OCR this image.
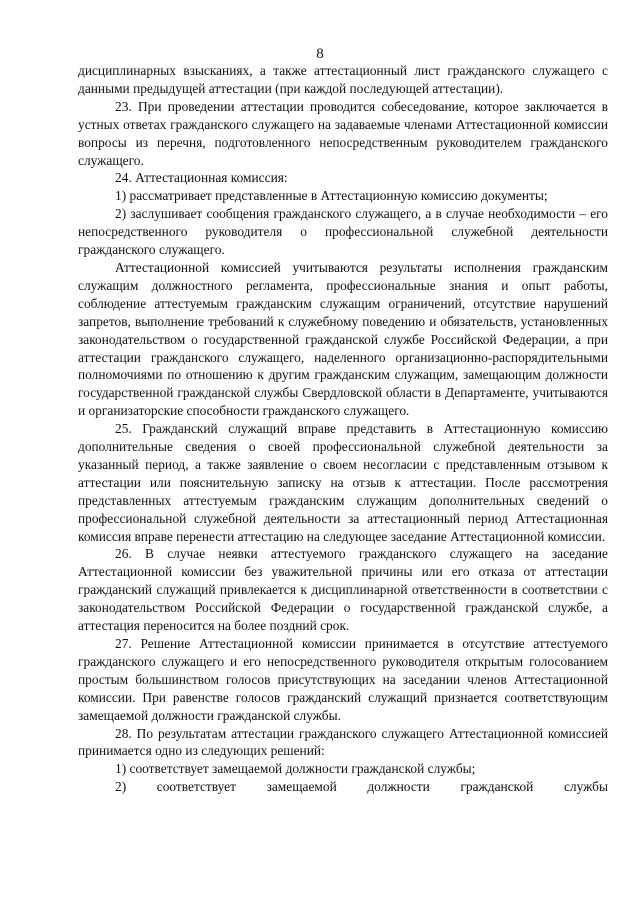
8

дисциплинарных взысканиях, а также аттестационный лист гражданского служащего с данными предыдущей аттестации (при каждой последующей аттестации).

23. При проведении аттестации проводится собеседование, которое заключается в устных ответах гражданского служащего на задаваемые членами Аттестационной комиссии вопросы из перечня, подготовленного непосредственным руководителем гражданского служащего.

24. Аттестационная комиссия:

1) рассматривает представленные в Аттестационную комиссию документы;

2) заслушивает сообщения гражданского служащего, а в случае необходимости – его непосредственного руководителя о профессиональной служебной деятельности гражданского служащего.

Аттестационной комиссией учитываются результаты исполнения гражданским служащим должностного регламента, профессиональные знания и опыт работы, соблюдение аттестуемым гражданским служащим ограничений, отсутствие нарушений запретов, выполнение требований к служебному поведению и обязательств, установленных законодательством о государственной гражданской службе Российской Федерации, а при аттестации гражданского служащего, наделенного организационно-распорядительными полномочиями по отношению к другим гражданским служащим, замещающим должности государственной гражданской службы Свердловской области в Департаменте, учитываются и организаторские способности гражданского служащего.

25. Гражданский служащий вправе представить в Аттестационную комиссию дополнительные сведения о своей профессиональной служебной деятельности за указанный период, а также заявление о своем несогласии с представленным отзывом к аттестации или пояснительную записку на отзыв к аттестации. После рассмотрения представленных аттестуемым гражданским служащим дополнительных сведений о профессиональной служебной деятельности за аттестационный период Аттестационная комиссия вправе перенести аттестацию на следующее заседание Аттестационной комиссии.

26. В случае неявки аттестуемого гражданского служащего на заседание Аттестационной комиссии без уважительной причины или его отказа от аттестации гражданский служащий привлекается к дисциплинарной ответственности в соответствии с законодательством Российской Федерации о государственной гражданской службе, а аттестация переносится на более поздний срок.

27. Решение Аттестационной комиссии принимается в отсутствие аттестуемого гражданского служащего и его непосредственного руководителя открытым голосованием простым большинством голосов присутствующих на заседании членов Аттестационной комиссии. При равенстве голосов гражданский служащий признается соответствующим замещаемой должности гражданской службы.

28. По результатам аттестации гражданского служащего Аттестационной комиссией принимается одно из следующих решений:

1) соответствует замещаемой должности гражданской службы;

2) соответствует замещаемой должности гражданской службы
